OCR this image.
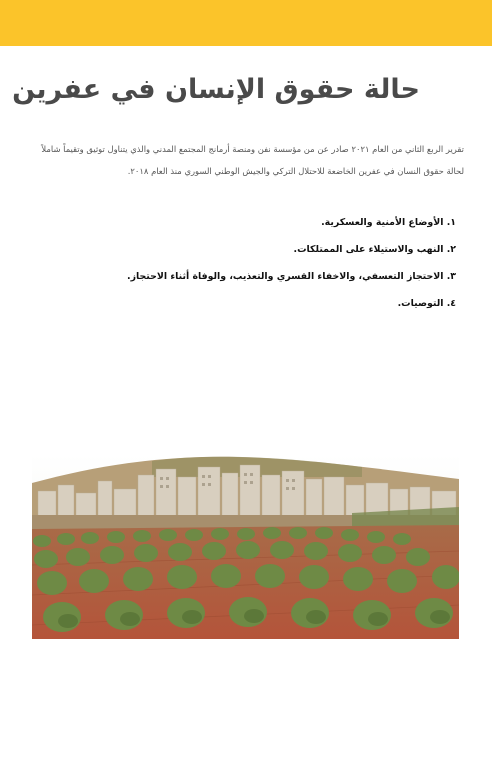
حالة حقوق الإنسان في عفرين

تقرير الربع الثاني من العام ٢٠٢١ صادر عن من مؤسسة نفن ومنصة أرمانج المجتمع المدني والذي يتناول توثيق وتقيماً شاملاً
لحالة حقوق النسان في عفرين الخاضعة للاحتلال التركي والجيش الوطني السوري منذ العام ٢٠١٨.

١. الأوضاع الأمنية والعسكرية.
٢. النهب والاستيلاء على الممتلكات.
٣. الاحتجاز التعسفي، والاخفاء القسري والتعذيب، والوفاة أثناء الاحتجاز.
٤. التوصيات.
